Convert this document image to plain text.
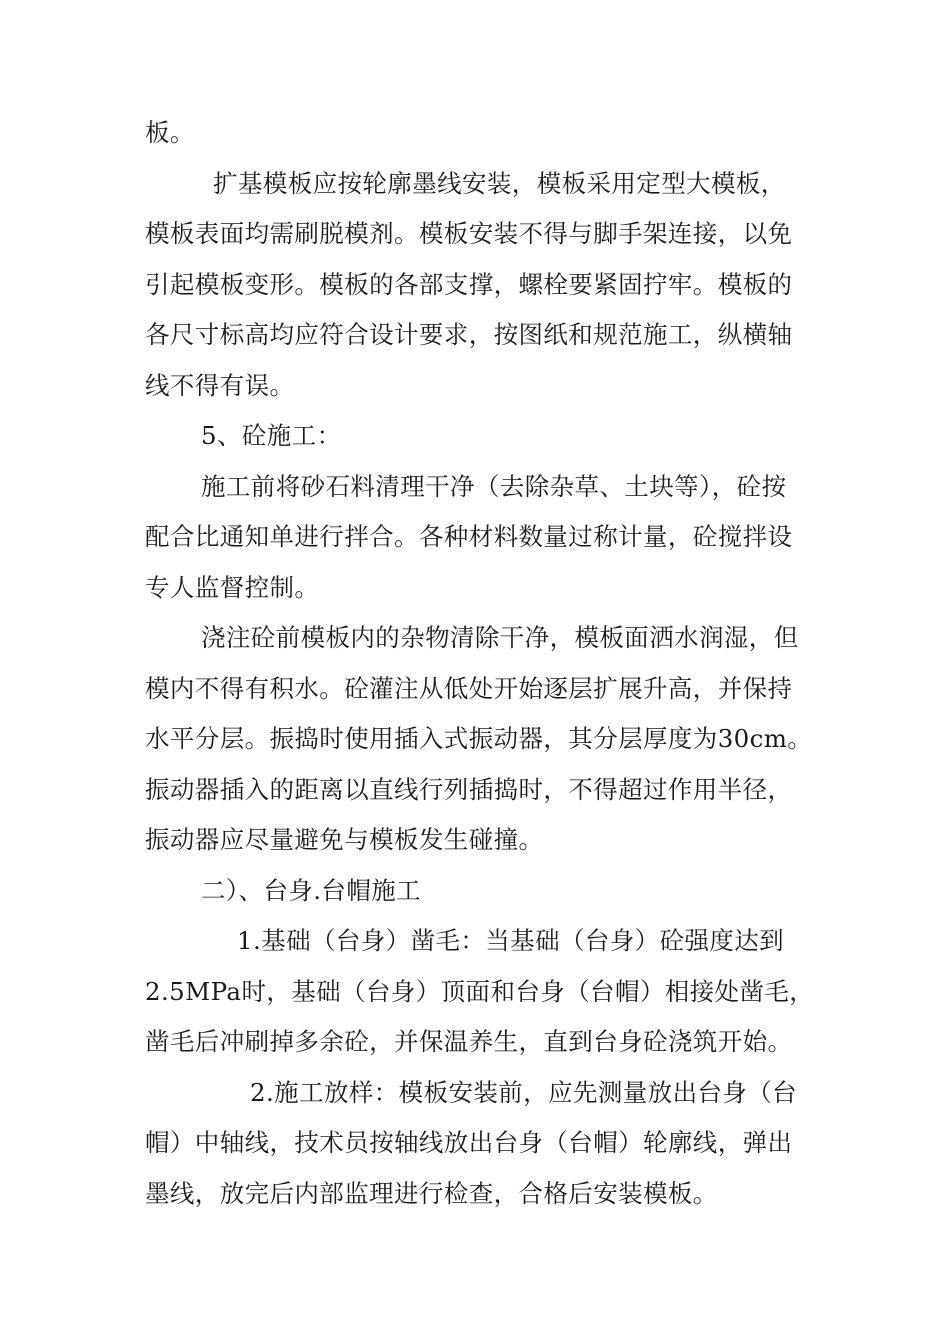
板。

扩基模板应按轮廓墨线安装，模板采用定型大模板，
模板表面均需刷脱模剂。模板安装不得与脚手架连接，以免
引起模板变形。模板的各部支撑，螺栓要紧固拧牢。模板的
各尺寸标高均应符合设计要求，按图纸和规范施工，纵横轴
线不得有误。

5、砼施工：

施工前将砂石料清理干净（去除杂草、土块等），砼按
配合比通知单进行拌合。各种材料数量过称计量，砼搅拌设
专人监督控制。

浇注砼前模板内的杂物清除干净，模板面洒水润湿，但
模内不得有积水。砼灌注从低处开始逐层扩展升高，并保持
水平分层。振捣时使用插入式振动器，其分层厚度为30cm。
振动器插入的距离以直线行列插捣时，不得超过作用半径，
振动器应尽量避免与模板发生碰撞。

二）、台身.台帽施工

1.基础（台身）凿毛：当基础（台身）砼强度达到
2.5MPa时，基础（台身）顶面和台身（台帽）相接处凿毛，
凿毛后冲刷掉多余砼，并保温养生，直到台身砼浇筑开始。

2.施工放样：模板安装前，应先测量放出台身（台
帽）中轴线，技术员按轴线放出台身（台帽）轮廓线，弹出
墨线，放完后内部监理进行检查，合格后安装模板。
